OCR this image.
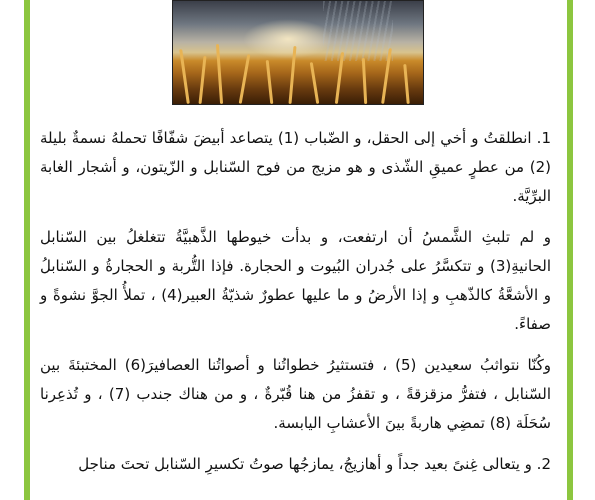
1. انطلقتُ و أخي إلى الحقل، و الضّباب (1) يتصاعد أبيضَ شفّافًا تحملهُ نسمةٌ بليلة (2) من عطرٍ عميقِ الشّذى و هو مزيج من فوح السّنابل و الزّيتون، و أشجار الغابة البرِّيَّة.

و لم تلبثِ الشَّمسُ أن ارتفعت، و بدأت خيوطها الذَّهبيَّةُ تتغلغلُ بين السّنابل الحانيةِ(3) و تتكسَّرُ على جُدران البُيوت و الحجارة. فإذا التُّربة و الحجارةُ و السّنابلُ و الأشعَّةُ كالذّهبِ و إذا الأرضُ و ما عليها عطورٌ شذيّةُ العبير(4) ، تملأُ الجوَّ نشوةً و صفاءً.

وكُنّا نتواثبُ سعيدين (5) ، فتستثيرُ خطواتُنا و أصواتُنا العصافيرَ(6) المختبئةَ بين السّنابل ، فتفرُّ مزقزقةً ، و تقفزُ من هنا قُبّرةٌ ، و من هناك جندب (7) ، و تُذعِرنا سُحَلَة (8) تمضِي هاربةً بينَ الأعشابِ اليابسة.

2. و يتعالى غِنىً بعيد جداً و أهازيجُ، يمازجُها صوتُ تكسيرِ السّنابل تحتَ مناجل
